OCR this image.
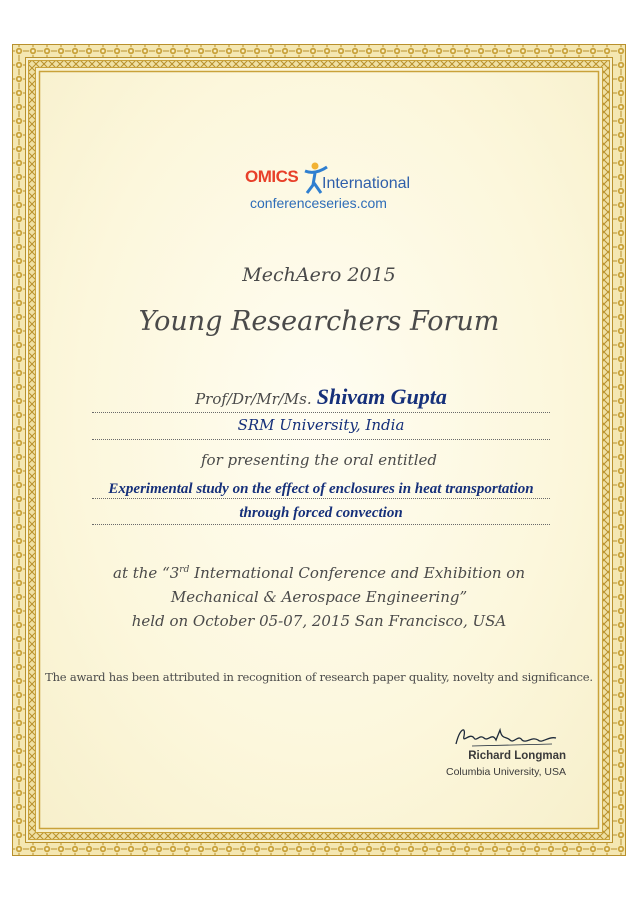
OMICS International
conferenceseries.com
MechAero 2015
Young Researchers Forum
Prof/Dr/Mr/Ms. Shivam Gupta
SRM University, India
for presenting the oral entitled
Experimental study on the effect of enclosures in heat transportation
through forced convection
at the “3rd International Conference and Exhibition on
Mechanical & Aerospace Engineering”
held on October 05-07, 2015 San Francisco, USA
The award has been attributed in recognition of research paper quality, novelty and significance.
Richard Longman
Columbia University, USA
